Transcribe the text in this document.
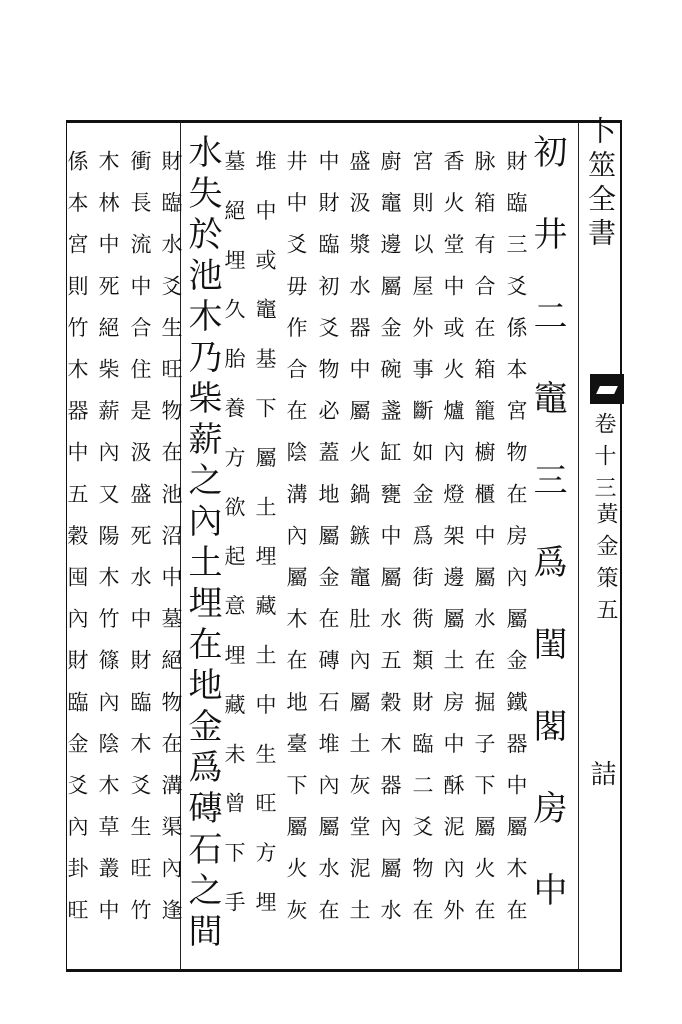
卜筮全書
卷十三
黃金策五
詰
初井二竈三爲閨閣房中
財臨三爻係本宮物在房內屬金鐵器中屬木在
脉箱有合在箱籠櫥櫃中屬水在掘子下屬火在
香火堂中或火爐內燈架邊屬土房中酥泥內外
宮則以屋外事斷如金爲街衖類財臨二爻物在
廚竈邊屬金碗盞缸甕中屬水五穀木器內屬水
盛汲漿水器中屬火鍋鏃竈肚內屬土灰堂泥土
中財臨初爻物必蓋地屬金在磚石堆內屬水在
井中爻毋作合在陰溝內屬木在地臺下屬火灰
堆中或竈基下屬土埋藏土中生旺方埋
墓絕埋久胎養方欲起意埋藏未曾下手
水失於池木乃柴薪之內土埋在地金爲磚石之間
財臨水爻生旺物在池沼中墓絕物在溝渠內逢
衝長流中合住是汲盛死水中財臨木爻生旺竹
木林中死絕柴薪內又陽木竹篠內陰木草叢中
係本宮則竹木器中五穀囤內財臨金爻內卦旺
